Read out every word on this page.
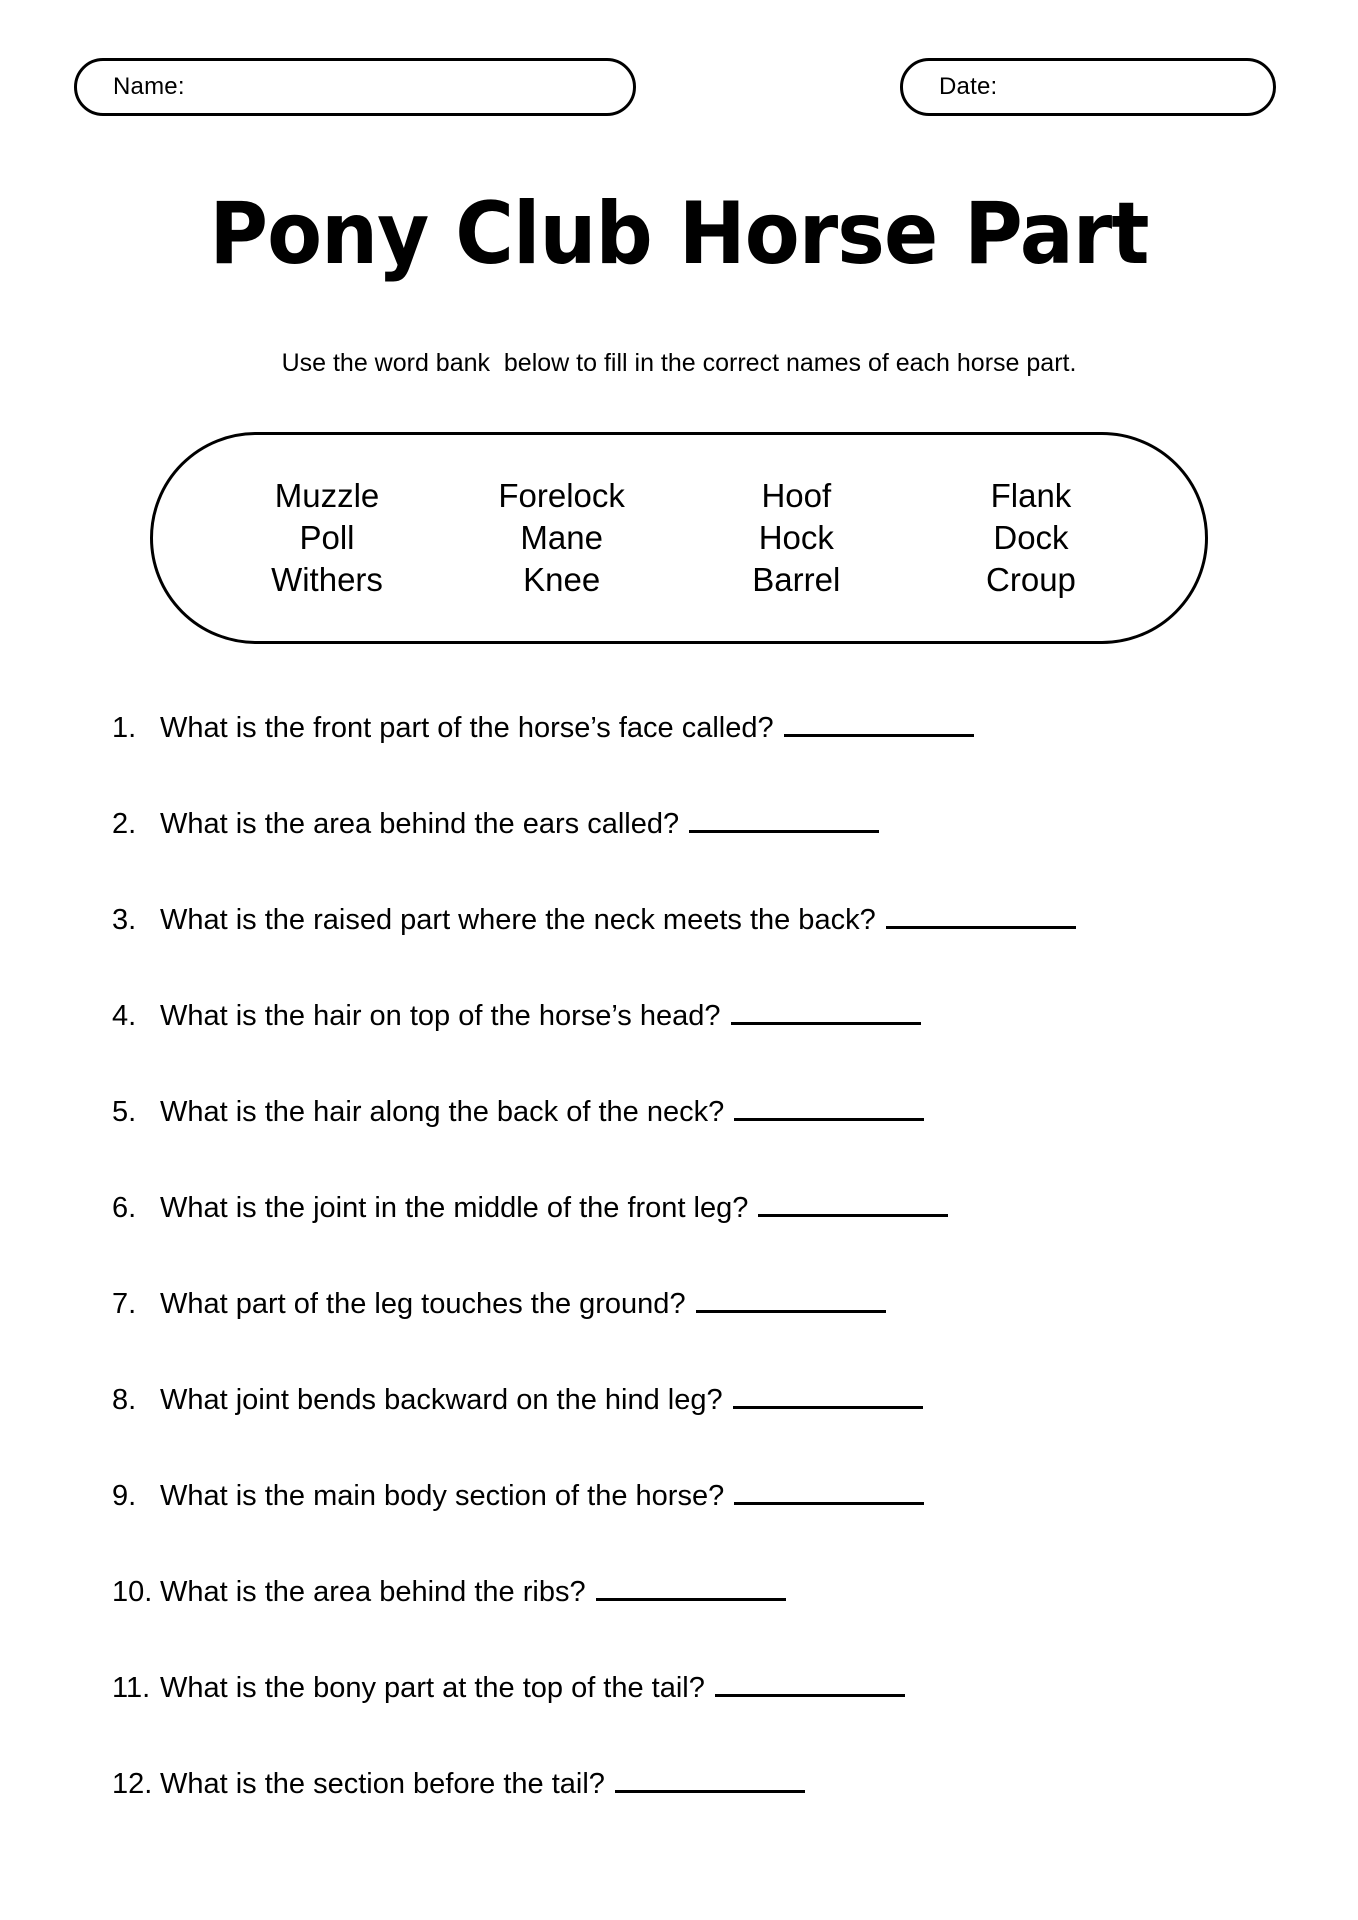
Name:	Date:
Pony Club Horse Part
Use the word bank  below to fill in the correct names of each horse part.
Muzzle
Poll
Withers
Forelock
Mane
Knee
Hoof
Hock
Barrel
Flank
Dock
Croup
1. What is the front part of the horse’s face called?
2. What is the area behind the ears called?
3. What is the raised part where the neck meets the back?
4. What is the hair on top of the horse’s head?
5. What is the hair along the back of the neck?
6. What is the joint in the middle of the front leg?
7. What part of the leg touches the ground?
8. What joint bends backward on the hind leg?
9. What is the main body section of the horse?
10. What is the area behind the ribs?
11. What is the bony part at the top of the tail?
12. What is the section before the tail?
